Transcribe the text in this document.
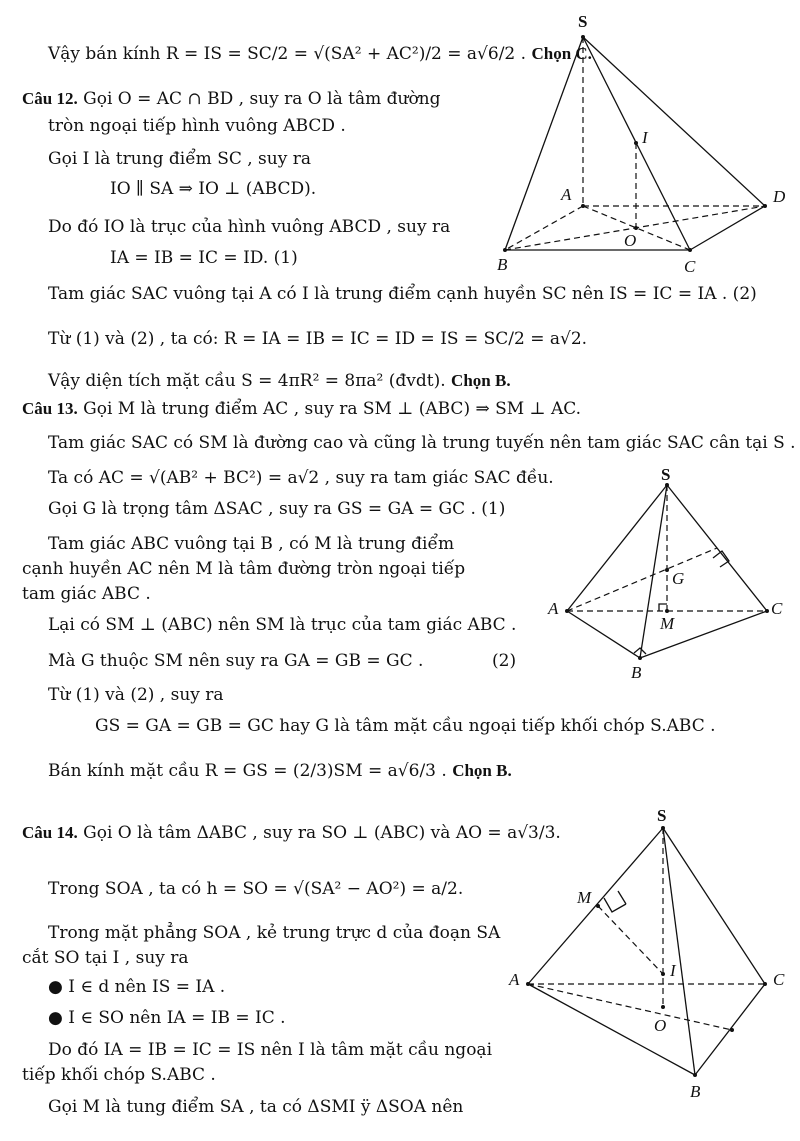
Vậy bán kính R = IS = SC/2 = √(SA² + AC²)/2 = a√6/2 . Chọn C.
Câu 12. Gọi O = AC ∩ BD , suy ra O là tâm đường
tròn ngoại tiếp hình vuông ABCD .
Gọi I là trung điểm SC , suy ra
IO ∥ SA ⇒ IO ⊥ (ABCD).
Do đó IO là trục của hình vuông ABCD , suy ra
IA = IB = IC = ID. (1)
Tam giác SAC vuông tại A có I là trung điểm cạnh huyền SC nên IS = IC = IA . (2)
Từ (1) và (2) , ta có: R = IA = IB = IC = ID = IS = SC/2 = a√2.
Vậy diện tích mặt cầu S = 4πR² = 8πa² (đvdt). Chọn B.
S
A
B	C
D
I
O
Câu 13. Gọi M là trung điểm AC , suy ra SM ⊥ (ABC) ⇒ SM ⊥ AC.
Tam giác SAC có SM là đường cao và cũng là trung tuyến nên tam giác SAC cân tại S .
Ta có AC = √(AB² + BC²) = a√2 , suy ra tam giác SAC đều.
Gọi G là trọng tâm ΔSAC , suy ra GS = GA = GC . (1)
Tam giác ABC vuông tại B , có M là trung điểm
cạnh huyền AC nên M là tâm đường tròn ngoại tiếp
tam giác ABC .
Lại có SM ⊥ (ABC) nên SM là trục của tam giác ABC .
Mà G thuộc SM nên suy ra GA = GB = GC .	(2)
Từ (1) và (2) , suy ra
GS = GA = GB = GC hay G là tâm mặt cầu ngoại tiếp khối chóp S.ABC .
Bán kính mặt cầu R = GS = (2/3)SM = a√6/3 . Chọn B.
S
A
B
C
G
M
Câu 14. Gọi O là tâm ΔABC , suy ra SO ⊥ (ABC) và AO = a√3/3.
Trong SOA , ta có h = SO = √(SA² − AO²) = a/2.
Trong mặt phẳng SOA , kẻ trung trực d của đoạn SA
cắt SO tại I , suy ra
● I ∈ d nên IS = IA .
● I ∈ SO nên IA = IB = IC .
Do đó IA = IB = IC = IS nên I là tâm mặt cầu ngoại
tiếp khối chóp S.ABC .
Gọi M là tung điểm SA , ta có ΔSMI ÿ ΔSOA nên
S
A
B
C
M
I
O
